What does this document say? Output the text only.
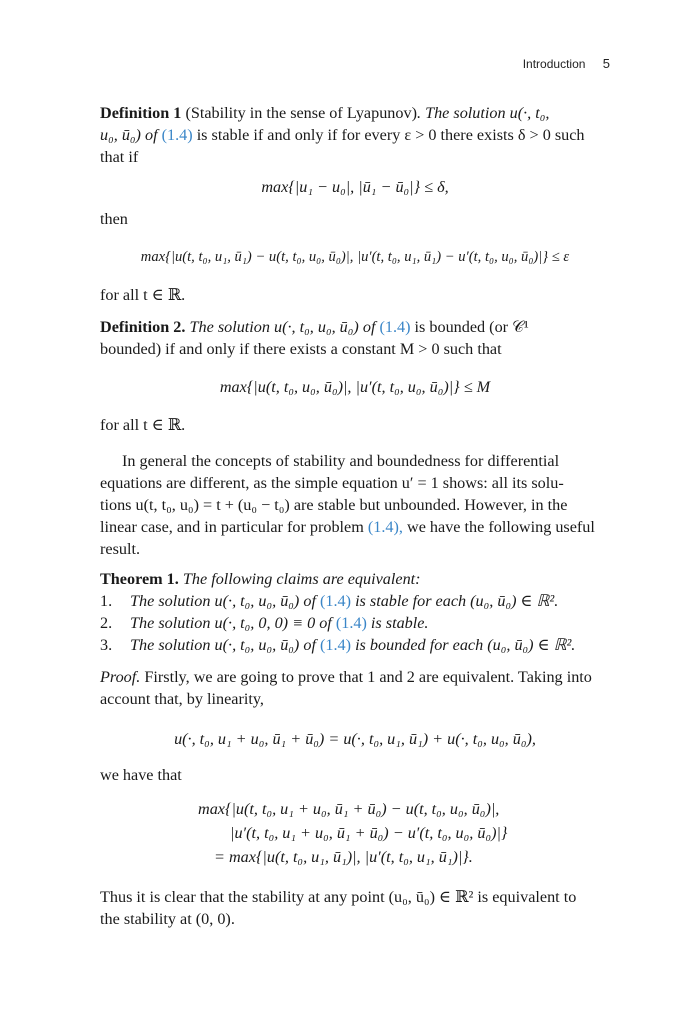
Introduction 5
Definition 1 (Stability in the sense of Lyapunov). The solution u(·, t₀,
u₀, ū₀) of (1.4) is stable if and only if for every ε > 0 there exists δ > 0 such
that if
max{|u₁ − u₀|, |ū₁ − ū₀|} ≤ δ,
then
max{|u(t, t₀, u₁, ū₁) − u(t, t₀, u₀, ū₀)|, |u′(t, t₀, u₁, ū₁) − u′(t, t₀, u₀, ū₀)|} ≤ ε
for all t ∈ ℝ.
Definition 2. The solution u(·, t₀, u₀, ū₀) of (1.4) is bounded (or 𝒞¹
bounded) if and only if there exists a constant M > 0 such that
max{|u(t, t₀, u₀, ū₀)|, |u′(t, t₀, u₀, ū₀)|} ≤ M
for all t ∈ ℝ.
In general the concepts of stability and boundedness for differential
equations are different, as the simple equation u′ = 1 shows: all its solu-
tions u(t, t₀, u₀) = t + (u₀ − t₀) are stable but unbounded. However, in the
linear case, and in particular for problem (1.4), we have the following useful
result.
Theorem 1. The following claims are equivalent:
1. The solution u(·, t₀, u₀, ū₀) of (1.4) is stable for each (u₀, ū₀) ∈ ℝ².
2. The solution u(·, t₀, 0, 0) ≡ 0 of (1.4) is stable.
3. The solution u(·, t₀, u₀, ū₀) of (1.4) is bounded for each (u₀, ū₀) ∈ ℝ².
Proof. Firstly, we are going to prove that 1 and 2 are equivalent. Taking into
account that, by linearity,
u(·, t₀, u₁ + u₀, ū₁ + ū₀) = u(·, t₀, u₁, ū₁) + u(·, t₀, u₀, ū₀),
we have that
max{|u(t, t₀, u₁ + u₀, ū₁ + ū₀) − u(t, t₀, u₀, ū₀)|,
|u′(t, t₀, u₁ + u₀, ū₁ + ū₀) − u′(t, t₀, u₀, ū₀)|}
= max{|u(t, t₀, u₁, ū₁)|, |u′(t, t₀, u₁, ū₁)|}.
Thus it is clear that the stability at any point (u₀, ū₀) ∈ ℝ² is equivalent to
the stability at (0, 0).
